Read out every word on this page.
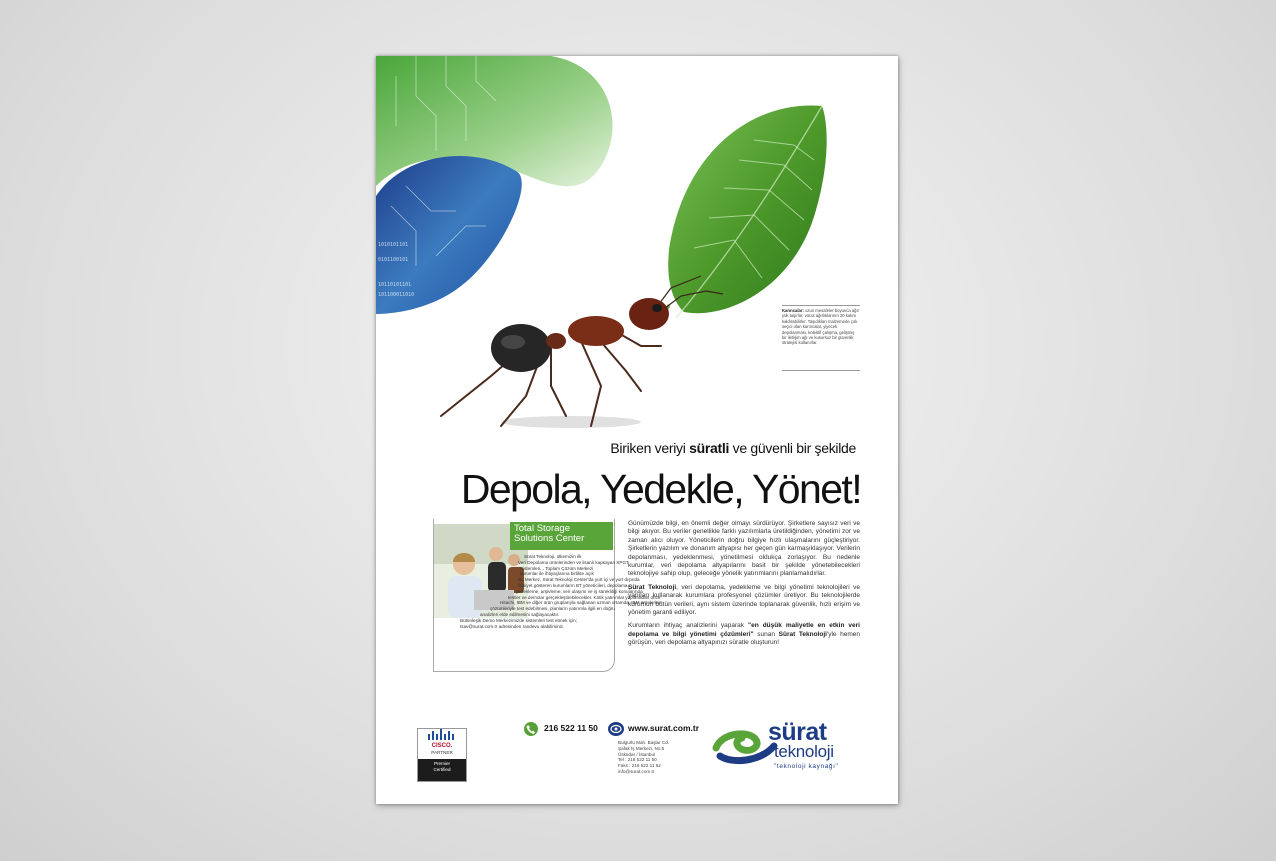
1010101101
0101100101
10110101101
101100011010
Karıncalar: uzun mesafeler boyunca ağır yük taşırlar, vücut ağırlıklarının 20 katını kaldırabilirler. Taşıdıkları malzemede çok seçici olan karıncalar, yiyecek depolanması, kolektif çalışma, gelişmiş bir iletişim ağı ve kusursuz bir güvenlik stratejisi kullanırlar.
Biriken veriyi süratli ve güvenli bir şekilde
Depola, Yedekle, Yönet!
Total Storage
Solutions Center
Sürat Teknoloji, ülkemizin ilk
Veri Depolama ürünlerinden ve lisanlı kapsayan SPGT
Sistemleri... Toplam Çözüm Merkezi
kurumlar ile ihtiyaçlarına birlikte açık
Bu Merkez, Sürat Teknoloji Center'da yurt içi ve yurt dışında
faaliyet gösteren kurumların BT yöneticileri, depolama,
yedekleme, arşivleme, veri ulaşımı ve iş sürekliliği konularında
testler ve demolar gerçekleştirebilecekler. Kritik yatırımlar yapılmadan önce
Hitachi, IBM ve diğer ürün gruplarıyla sağlanan uzman ortamda, IBM ürünlerinin
çözümleriyle test edebilmesi, planların yatırımla ilgili en doğru
analizleri elde edilmesini sağlayacaktır.
Bütünleşik Demo Merkezimizde sistemleri test etmek için;
tsav@surat.com.tr adresinden randevu alabilirsiniz.

Günümüzde bilgi, en önemli değer olmayı sürdürüyor. Şirketlere sayısız veri ve bilgi akıyor. Bu veriler genellikle farklı yazılımlarla üretildiğinden, yönetimi zor ve zaman alıcı oluyor. Yöneticilerin doğru bilgiye hızlı ulaşmalarını güçleştiriyor. Şirketlerin yazılım ve donanım altyapısı her geçen gün karmaşıklaşıyor. Verilerin depolanması, yedeklenmesi, yönetilmesi oldukça zorlaşıyor. Bu nedenle kurumlar, veri depolama altyapılarını basit bir şekilde yönetebilecekleri teknolojiye sahip olup, geleceğe yönelik yatırımlarını planlamalıdırlar.

Sürat Teknoloji, veri depolama, yedekleme ve bilgi yönetimi teknolojileri ve yapıları kullanarak kurumlara profesyonel çözümler üretiyor. Bu teknolojilerde kurumun bütün verileri, aynı sistem üzerinde toplanarak güvenlik, hızlı erişim ve yönetim garanti ediliyor.

Kurumların ihtiyaç analizlerini yaparak "en düşük maliyetle en etkin veri depolama ve bilgi yönetimi çözümleri" sunan Sürat Teknoloji'yle hemen görüşün, veri depolama altyapınızı süratle oluşturun!

CISCO.
PARTNER
Premier
Certified
216 522 11 50	www.surat.com.tr
Bulgurlu Mah. Başlar Cd.
Şafak İş Merkezi, No:5
Üsküdar / İstanbul
Tel : 216 522 11 50
Faks : 216 522 11 52
info@surat.com.tr
sürat
teknoloji
"teknoloji kaynağı"
